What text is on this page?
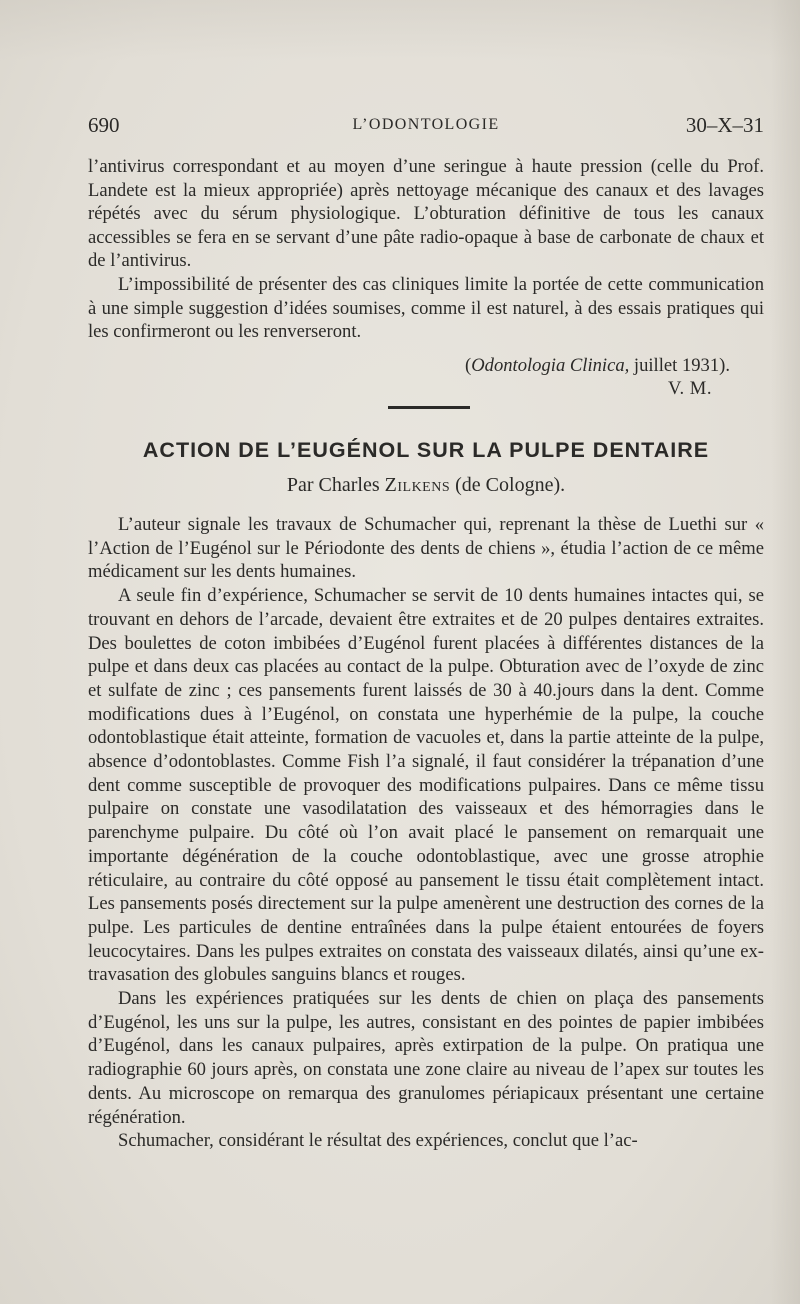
690	L’ODONTOLOGIE	30–X–31

l’antivirus correspondant et au moyen d’une seringue à haute pression (celle du Prof. Landete est la mieux appropriée) après nettoyage mécanique des canaux et des lavages répétés avec du sérum physiologique. L’obturation définitive de tous les canaux accessibles se fera en se servant d’une pâte radio-opaque à base de carbonate de chaux et de l’antivirus.

L’impossibilité de présenter des cas cliniques limite la portée de cette communication à une simple suggestion d’idées soumises, comme il est naturel, à des essais pratiques qui les confirmeront ou les renverseront.

(Odontologia Clinica, juillet 1931).
V. M.
ACTION DE L’EUGÉNOL SUR LA PULPE DENTAIRE
Par Charles Zilkens (de Cologne).

L’auteur signale les travaux de Schumacher qui, reprenant la thèse de Luethi sur « l’Action de l’Eugénol sur le Périodonte des dents de chiens », étudia l’action de ce même médicament sur les dents humaines.

A seule fin d’expérience, Schumacher se servit de 10 dents humaines intactes qui, se trouvant en dehors de l’arcade, devaient être extraites et de 20 pulpes dentaires extraites. Des boulettes de coton imbibées d’Eugénol furent placées à différentes distances de la pulpe et dans deux cas placées au contact de la pulpe. Obturation avec de l’oxyde de zinc et sulfate de zinc ; ces pansements furent laissés de 30 à 40.jours dans la dent. Comme modifications dues à l’Eugénol, on constata une hyperhémie de la pulpe, la couche odontoblastique était atteinte, formation de vacuoles et, dans la partie atteinte de la pulpe, absence d’odontoblastes. Comme Fish l’a signalé, il faut considérer la trépanation d’une dent comme susceptible de provoquer des modifications pulpaires. Dans ce même tissu pulpaire on constate une vasodilatation des vaisseaux et des hémorragies dans le parenchyme pulpaire. Du côté où l’on avait placé le pansement on remarquait une importante dégénération de la couche odontoblastique, avec une grosse atrophie réticulaire, au contraire du côté opposé au pansement le tissu était complètement intact. Les pansements posés directement sur la pulpe amenèrent une destruction des cornes de la pulpe. Les particules de dentine entraînées dans la pulpe étaient entourées de foyers leucocytaires. Dans les pulpes extraites on constata des vaisseaux dilatés, ainsi qu’une extravasation des globules sanguins blancs et rouges.

Dans les expériences pratiquées sur les dents de chien on plaça des pansements d’Eugénol, les uns sur la pulpe, les autres, consistant en des pointes de papier imbibées d’Eugénol, dans les canaux pulpaires, après extirpation de la pulpe. On pratiqua une radiographie 60 jours après, on constata une zone claire au niveau de l’apex sur toutes les dents. Au microscope on remarqua des granulomes périapicaux présentant une certaine régénération.

Schumacher, considérant le résultat des expériences, conclut que l’ac-
